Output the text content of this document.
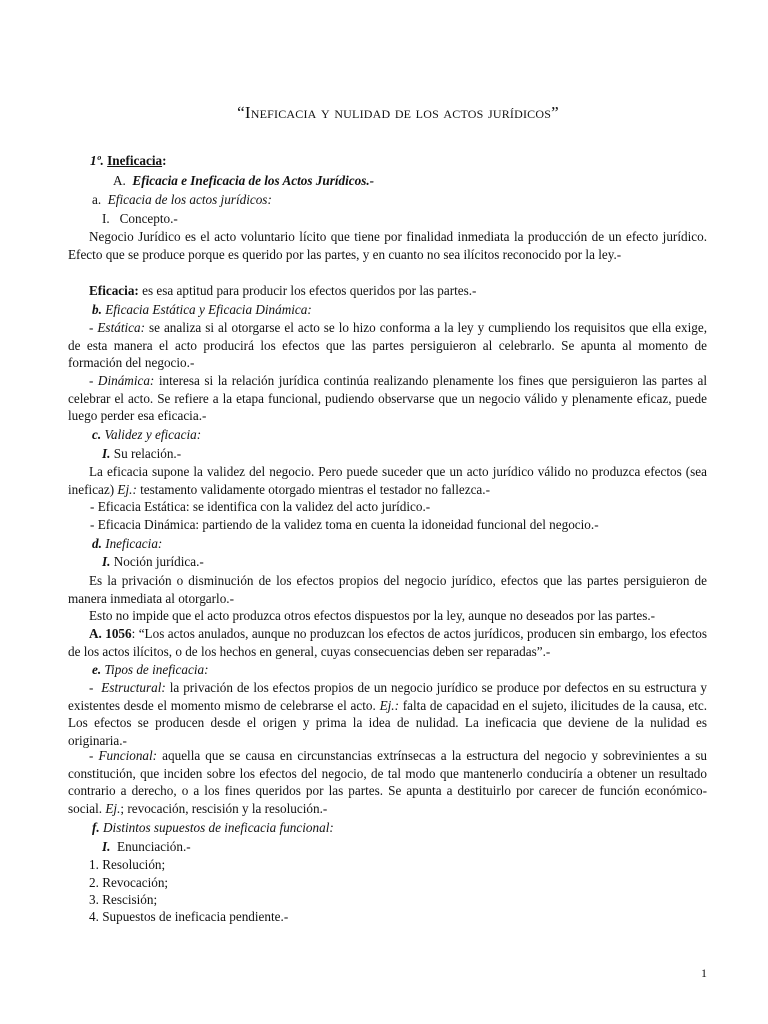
“Ineficacia y nulidad de los actos jurídicos”
1º. Ineficacia:
A. Eficacia e Ineficacia de los Actos Jurídicos.-
a. Eficacia de los actos jurídicos:
I. Concepto.-

Negocio Jurídico es el acto voluntario lícito que tiene por finalidad inmediata la producción de un efecto jurídico. Efecto que se produce porque es querido por las partes, y en cuanto no sea ilícitos reconocido por la ley.-

Eficacia: es esa aptitud para producir los efectos queridos por las partes.-
b. Eficacia Estática y Eficacia Dinámica:

- Estática: se analiza si al otorgarse el acto se lo hizo conforma a la ley y cumpliendo los requisitos que ella exige, de esta manera el acto producirá los efectos que las partes persiguieron al celebrarlo. Se apunta al momento de formación del negocio.-

- Dinámica: interesa si la relación jurídica continúa realizando plenamente los fines que persiguieron las partes al celebrar el acto. Se refiere a la etapa funcional, pudiendo observarse que un negocio válido y plenamente eficaz, puede luego perder esa eficacia.-

c. Validez y eficacia:
I. Su relación.-

La eficacia supone la validez del negocio. Pero puede suceder que un acto jurídico válido no produzca efectos (sea ineficaz) Ej.: testamento validamente otorgado mientras el testador no fallezca.-

- Eficacia Estática: se identifica con la validez del acto jurídico.-
- Eficacia Dinámica: partiendo de la validez toma en cuenta la idoneidad funcional del negocio.-
d. Ineficacia:
I. Noción jurídica.-

Es la privación o disminución de los efectos propios del negocio jurídico, efectos que las partes persiguieron de manera inmediata al otorgarlo.-

Esto no impide que el acto produzca otros efectos dispuestos por la ley, aunque no deseados por las partes.-

A. 1056: “Los actos anulados, aunque no produzcan los efectos de actos jurídicos, producen sin embargo, los efectos de los actos ilícitos, o de los hechos en general, cuyas consecuencias deben ser reparadas”.-

e. Tipos de ineficacia:

-  Estructural: la privación de los efectos propios de un negocio jurídico se produce por defectos en su estructura y existentes desde el momento mismo de celebrarse el acto. Ej.: falta de capacidad en el sujeto, ilicitudes de la causa, etc. Los efectos se producen desde el origen y prima la idea de nulidad. La ineficacia que deviene de la nulidad es originaria.-

- Funcional: aquella que se causa en circunstancias extrínsecas a la estructura del negocio y sobrevinientes a su constitución, que inciden sobre los efectos del negocio, de tal modo que mantenerlo conduciría a obtener un resultado contrario a derecho, o a los fines queridos por las partes. Se apunta a destituirlo por carecer de función económico-social. Ej.; revocación, rescisión y la resolución.-

f. Distintos supuestos de ineficacia funcional:
I. Enunciación.-
1. Resolución;
2. Revocación;
3. Rescisión;
4. Supuestos de ineficacia pendiente.-
1
